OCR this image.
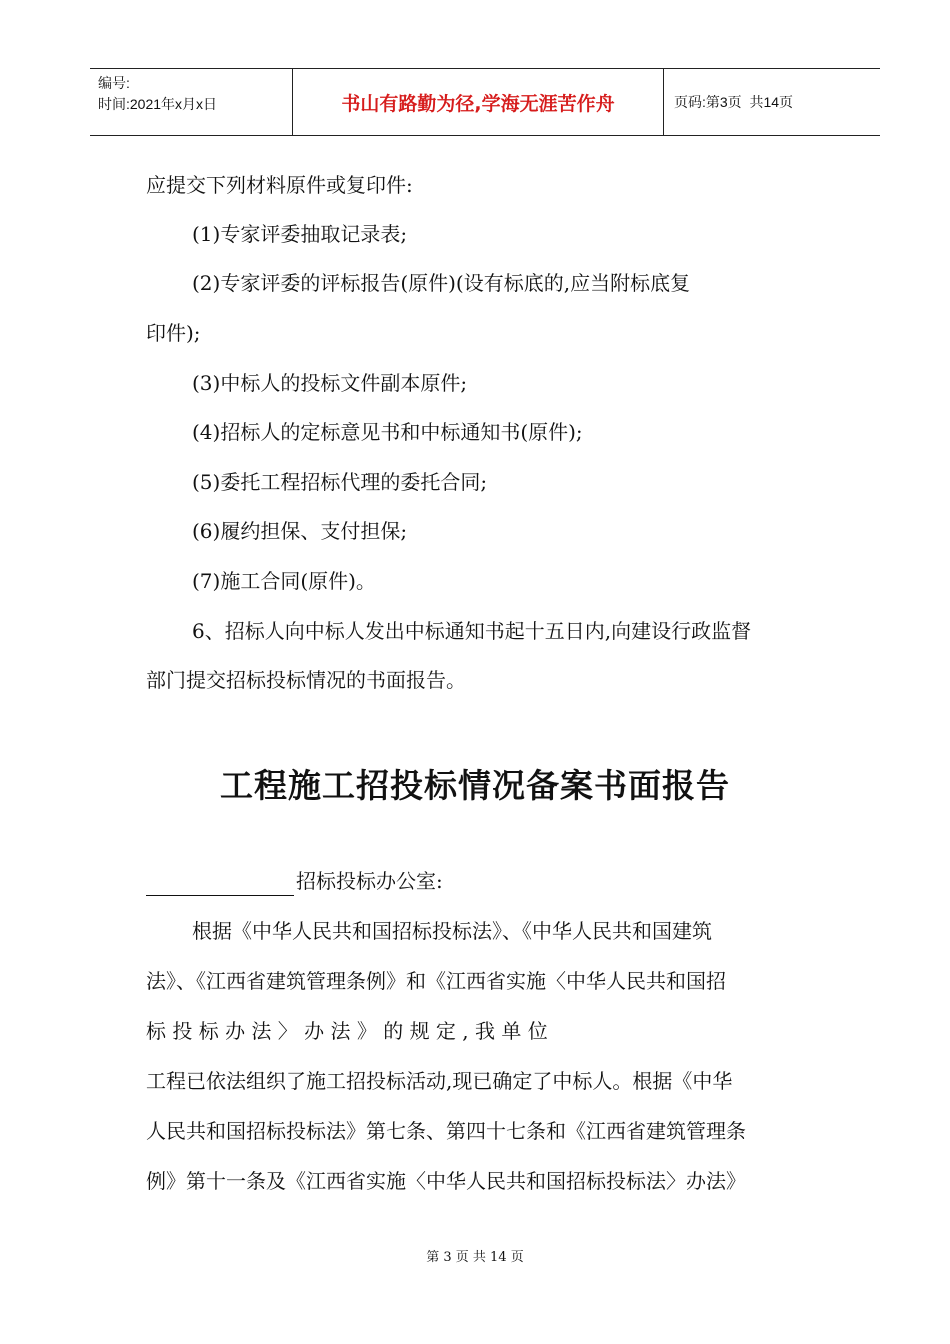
编号:
时间:2021年x月x日	书山有路勤为径,学海无涯苦作舟	页码:第3页  共14页
应提交下列材料原件或复印件:
(1)专家评委抽取记录表;
(2)专家评委的评标报告(原件)(设有标底的,应当附标底复
印件);
(3)中标人的投标文件副本原件;
(4)招标人的定标意见书和中标通知书(原件);
(5)委托工程招标代理的委托合同;
(6)履约担保、支付担保;
(7)施工合同(原件)。
6、招标人向中标人发出中标通知书起十五日内,向建设行政监督
部门提交招标投标情况的书面报告。
工程施工招投标情况备案书面报告
招标投标办公室:
根据《中华人民共和国招标投标法》、《中华人民共和国建筑
法》、《江西省建筑管理条例》和《江西省实施〈中华人民共和国招
标 投 标 办 法 〉 办 法 》 的 规 定 , 我 单 位
工程已依法组织了施工招投标活动,现已确定了中标人。根据《中华
人民共和国招标投标法》第七条、第四十七条和《江西省建筑管理条
例》第十一条及《江西省实施〈中华人民共和国招标投标法〉办法》
第 3 页 共 14 页
